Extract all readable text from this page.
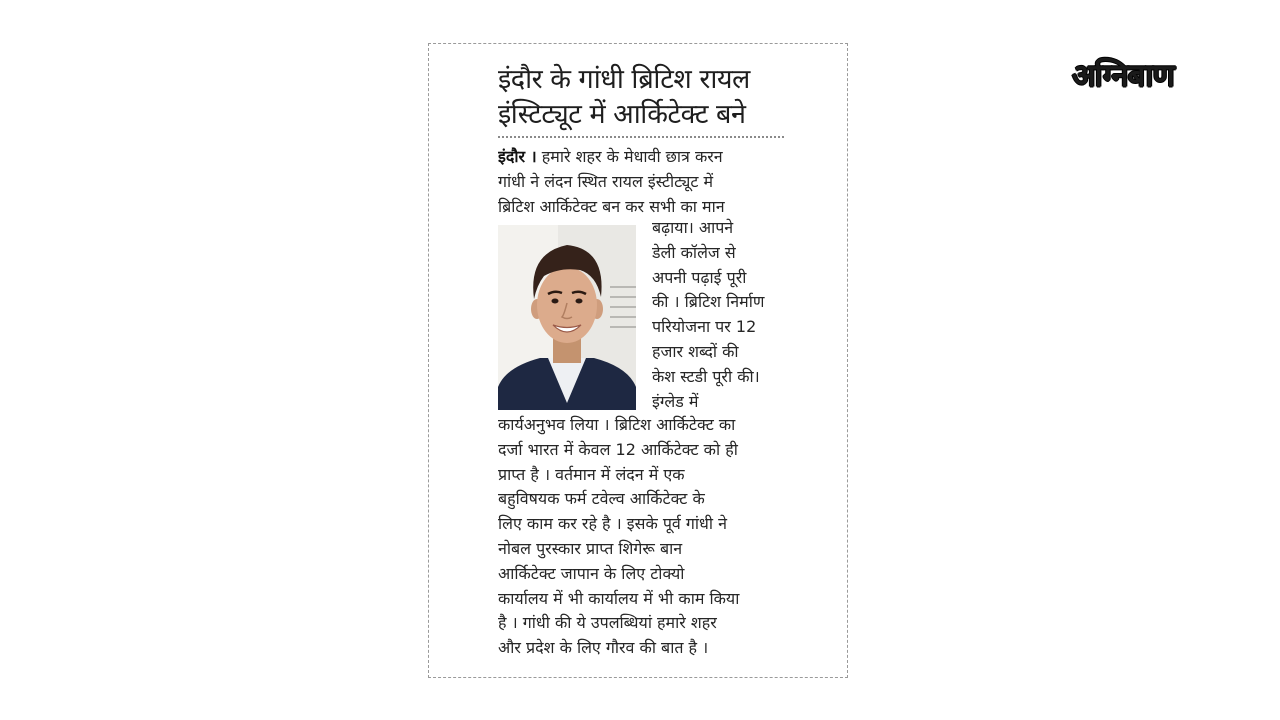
इंदौर के गांधी ब्रिटिश रायल
इंस्टिट्यूट में आर्किटेक्ट बने
इंदौर । हमारे शहर के मेधावी छात्र करन
गांधी ने लंदन स्थित रायल इंस्टीट्यूट में
ब्रिटिश आर्किटेक्ट बन कर सभी का मान
बढ़ाया। आपने
डेली कॉलेज से
अपनी पढ़ाई पूरी
की । ब्रिटिश निर्माण
परियोजना पर 12
हजार शब्दों की
केश स्टडी पूरी की।
इंग्लेड में
कार्यअनुभव लिया । ब्रिटिश आर्किटेक्ट का
दर्जा भारत में केवल 12 आर्किटेक्ट को ही
प्राप्त है । वर्तमान में लंदन में एक
बहुविषयक फर्म टवेल्व आर्किटेक्ट के
लिए काम कर रहे है । इसके पूर्व गांधी ने
नोबल पुरस्कार प्राप्त शिगेरू बान
आर्किटेक्ट जापान के लिए टोक्यो
कार्यालय में भी कार्यालय में भी काम किया
है । गांधी की ये उपलब्धियां हमारे शहर
और प्रदेश के लिए गौरव की बात है ।
अग्निबाण
